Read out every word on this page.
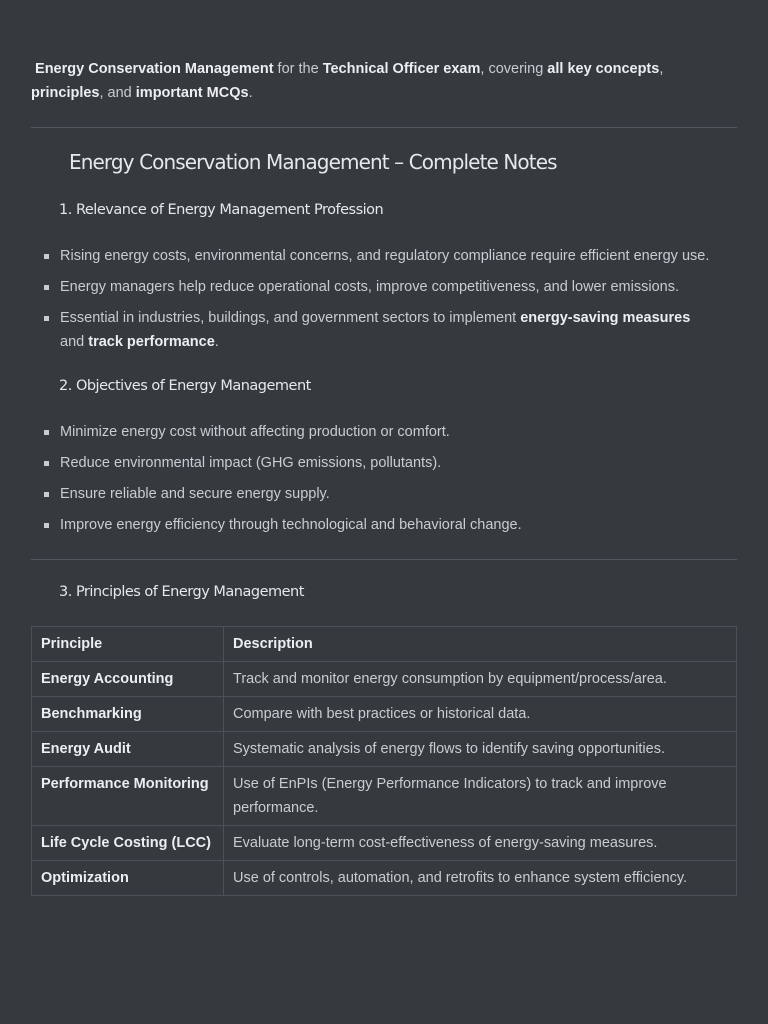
Energy Conservation Management for the Technical Officer exam, covering all key concepts,
principles, and important MCQs.

Energy Conservation Management – Complete Notes
1. Relevance of Energy Management Profession
Rising energy costs, environmental concerns, and regulatory compliance require efficient energy use.
Energy managers help reduce operational costs, improve competitiveness, and lower emissions.
Essential in industries, buildings, and government sectors to implement energy-saving measures
and track performance.
2. Objectives of Energy Management
Minimize energy cost without affecting production or comfort.
Reduce environmental impact (GHG emissions, pollutants).
Ensure reliable and secure energy supply.
Improve energy efficiency through technological and behavioral change.
3. Principles of Energy Management
Principle	Description
Energy Accounting	Track and monitor energy consumption by equipment/process/area.
Benchmarking	Compare with best practices or historical data.
Energy Audit	Systematic analysis of energy flows to identify saving opportunities.
Performance Monitoring	Use of EnPIs (Energy Performance Indicators) to track and improve performance.
Life Cycle Costing (LCC)	Evaluate long-term cost-effectiveness of energy-saving measures.
Optimization	Use of controls, automation, and retrofits to enhance system efficiency.
